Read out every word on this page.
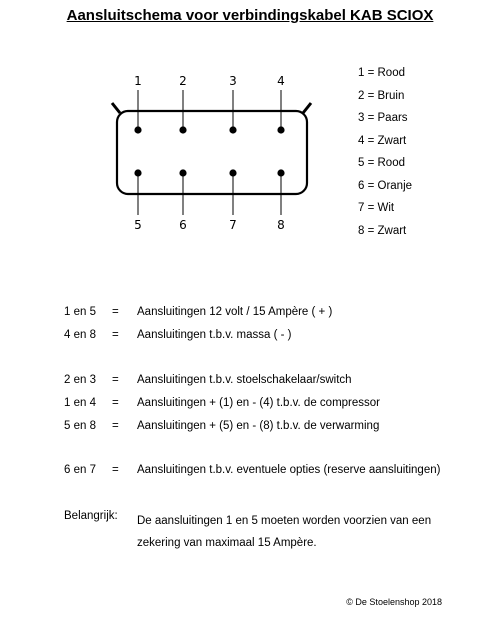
Aansluitschema voor verbindingskabel KAB SCIOX
1	2	3	4
5	6	7	8
1 = Rood
2 = Bruin
3 = Paars
4 = Zwart
5 = Rood
6 = Oranje
7 = Wit
8 = Zwart
1 en 5 = Aansluitingen 12 volt / 15 Ampère ( + )
4 en 8 = Aansluitingen t.b.v. massa ( - )
2 en 3 = Aansluitingen t.b.v. stoelschakelaar/switch
1 en 4 = Aansluitingen + (1) en - (4) t.b.v. de compressor
5 en 8 = Aansluitingen + (5) en - (8) t.b.v. de verwarming
6 en 7 = Aansluitingen t.b.v. eventuele opties (reserve aansluitingen)
Belangrijk: De aansluitingen 1 en 5 moeten worden voorzien van een zekering van maximaal 15 Ampère.
© De Stoelenshop 2018
